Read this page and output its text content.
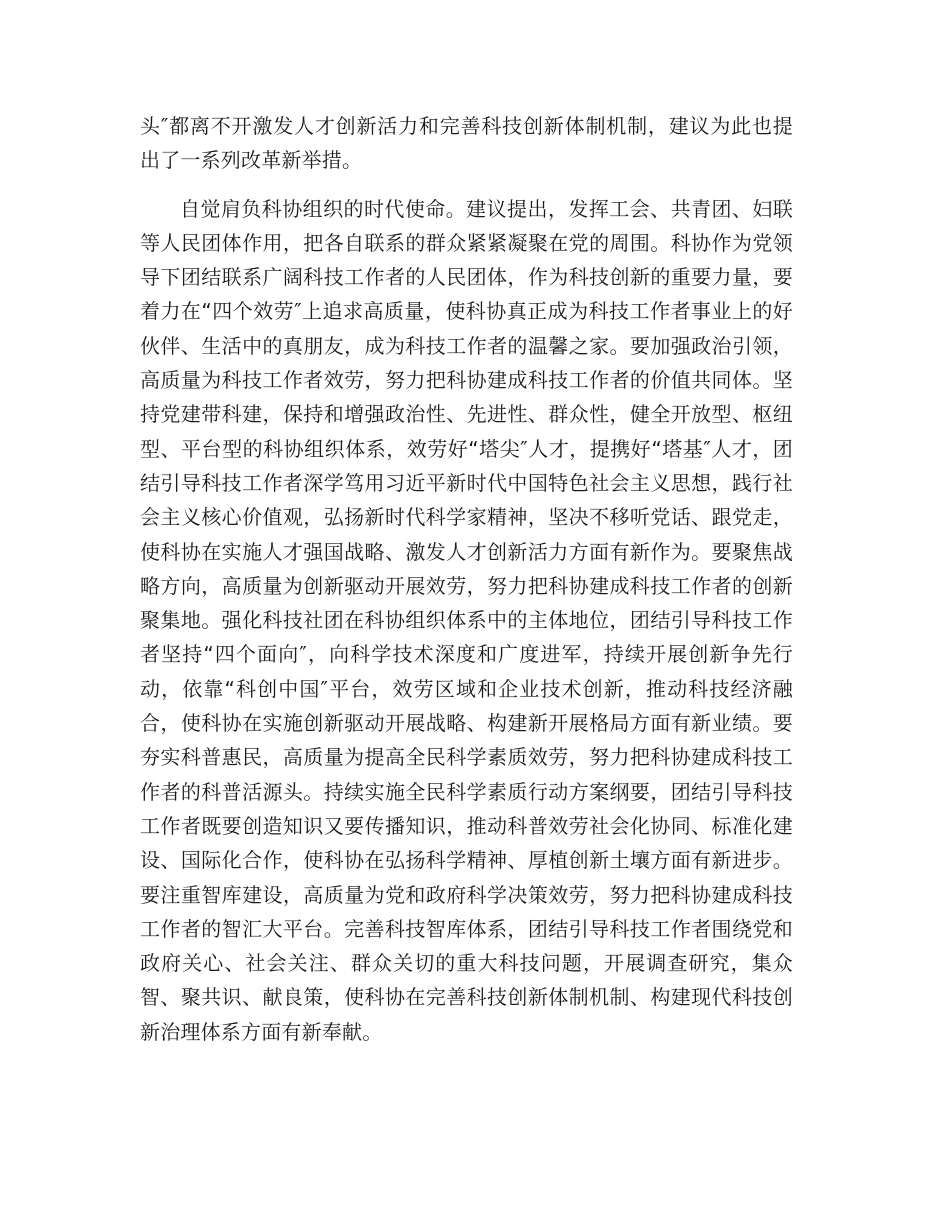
头″都离不开激发人才创新活力和完善科技创新体制机制，建议为此也提出了一系列改革新举措。

自觉肩负科协组织的时代使命。建议提出，发挥工会、共青团、妇联等人民团体作用，把各自联系的群众紧紧凝聚在党的周围。科协作为党领导下团结联系广阔科技工作者的人民团体，作为科技创新的重要力量，要着力在“四个效劳″上追求高质量，使科协真正成为科技工作者事业上的好伙伴、生活中的真朋友，成为科技工作者的温馨之家。要加强政治引领，高质量为科技工作者效劳，努力把科协建成科技工作者的价值共同体。坚持党建带科建，保持和增强政治性、先进性、群众性，健全开放型、枢纽型、平台型的科协组织体系，效劳好“塔尖″人才，提携好“塔基″人才，团结引导科技工作者深学笃用习近平新时代中国特色社会主义思想，践行社会主义核心价值观，弘扬新时代科学家精神，坚决不移听党话、跟党走，使科协在实施人才强国战略、激发人才创新活力方面有新作为。要聚焦战略方向，高质量为创新驱动开展效劳，努力把科协建成科技工作者的创新聚集地。强化科技社团在科协组织体系中的主体地位，团结引导科技工作者坚持“四个面向″，向科学技术深度和广度进军，持续开展创新争先行动，依靠“科创中国″平台，效劳区域和企业技术创新，推动科技经济融合，使科协在实施创新驱动开展战略、构建新开展格局方面有新业绩。要夯实科普惠民，高质量为提高全民科学素质效劳，努力把科协建成科技工作者的科普活源头。持续实施全民科学素质行动方案纲要，团结引导科技工作者既要创造知识又要传播知识，推动科普效劳社会化协同、标准化建设、国际化合作，使科协在弘扬科学精神、厚植创新土壤方面有新进步。要注重智库建设，高质量为党和政府科学决策效劳，努力把科协建成科技工作者的智汇大平台。完善科技智库体系，团结引导科技工作者围绕党和政府关心、社会关注、群众关切的重大科技问题，开展调查研究，集众智、聚共识、献良策，使科协在完善科技创新体制机制、构建现代科技创新治理体系方面有新奉献。
